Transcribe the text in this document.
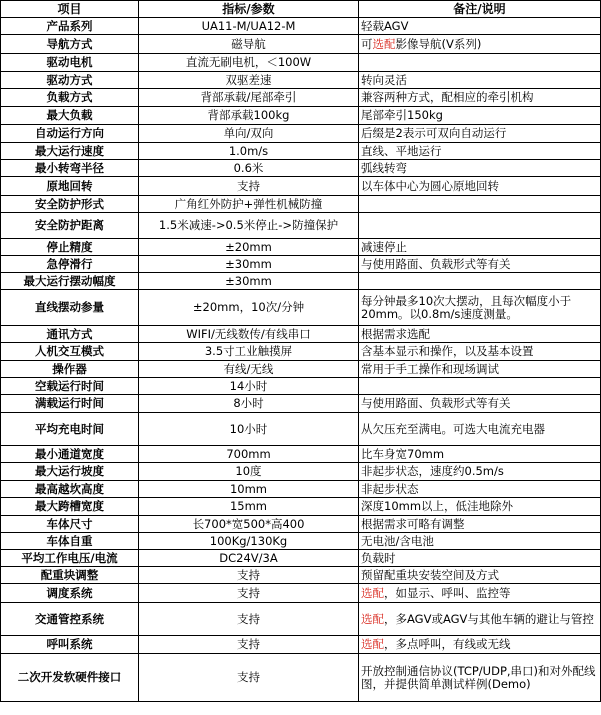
项目	指标/参数	备注/说明
产品系列	UA11-M/UA12-M	轻载AGV
导航方式	磁导航	可选配影像导航(V系列)
驱动电机	直流无刷电机，＜100W	
驱动方式	双驱差速	转向灵活
负载方式	背部承载/尾部牵引	兼容两种方式，配相应的牵引机构
最大负载	背部承载100kg	尾部牵引150kg
自动运行方向	单向/双向	后缀是2表示可双向自动运行
最大运行速度	1.0m/s	直线、平地运行
最小转弯半径	0.6米	弧线转弯
原地回转	支持	以车体中心为圆心原地回转
安全防护形式	广角红外防护+弹性机械防撞	
安全防护距离	1.5米减速->0.5米停止->防撞保护	
停止精度	±20mm	减速停止
急停滑行	±30mm	与使用路面、负载形式等有关
最大运行摆动幅度	±30mm	
直线摆动参量	±20mm，10次/分钟	每分钟最多10次大摆动，且每次幅度小于20mm。以0.8m/s速度测量。
通讯方式	WIFI/无线数传/有线串口	根据需求选配
人机交互模式	3.5寸工业触摸屏	含基本显示和操作，以及基本设置
操作器	有线/无线	常用于手工操作和现场调试
空载运行时间	14小时	
满载运行时间	8小时	与使用路面、负载形式等有关
平均充电时间	10小时	从欠压充至满电。可选大电流充电器
最小通道宽度	700mm	比车身宽70mm
最大运行坡度	10度	非起步状态，速度约0.5m/s
最高越坎高度	10mm	非起步状态
最大跨槽宽度	15mm	深度10mm以上，低洼地除外
车体尺寸	长700*宽500*高400	根据需求可略有调整
车体自重	100Kg/130Kg	无电池/含电池
平均工作电压/电流	DC24V/3A	负载时
配重块调整	支持	预留配重块安装空间及方式
调度系统	支持	选配，如显示、呼叫、监控等
交通管控系统	支持	选配，多AGV或AGV与其他车辆的避让与管控
呼叫系统	支持	选配，多点呼叫，有线或无线
二次开发软硬件接口	支持	开放控制通信协议(TCP/UDP,串口)和对外配线图，并提供简单测试样例(Demo)
